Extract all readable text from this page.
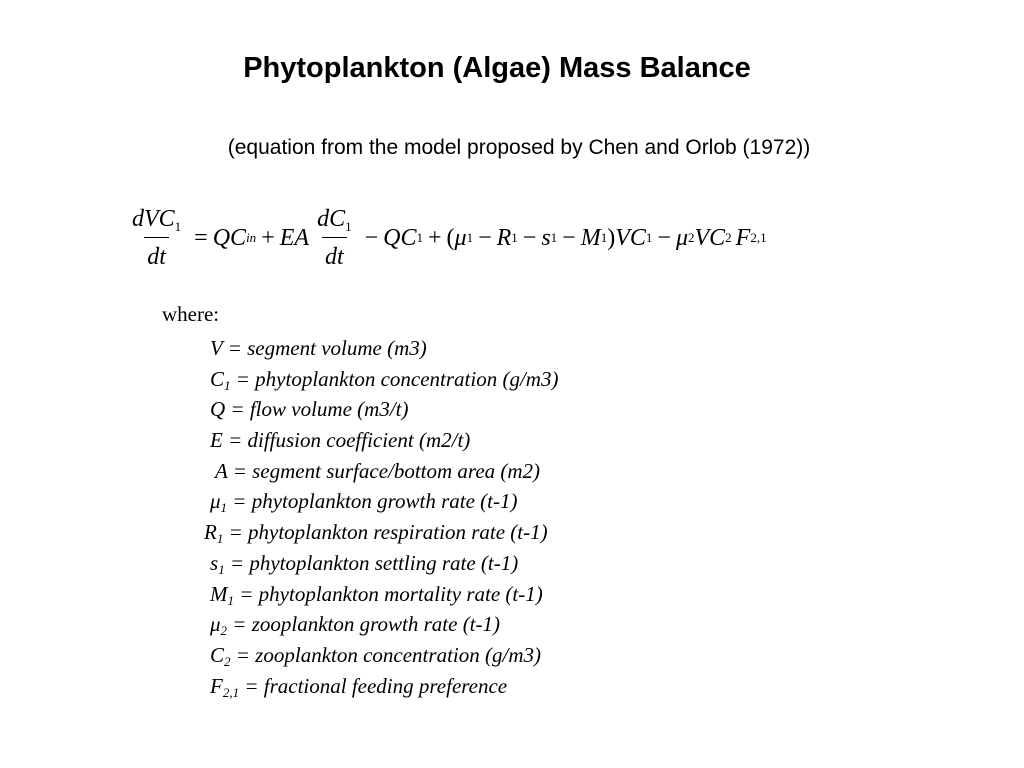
Phytoplankton (Algae) Mass Balance
(equation from the model proposed by Chen and Orlob (1972))
$\frac{dVC_1}{dt}$ = QC in + EA $\frac{dC_1}{dt}$ − QC 1 + ( μ 1 − R 1 − s 1 − M 1 ) VC 1 − μ 2 VC 2 F 2,1
where:
V = segment volume (m3)
$C_1$ = phytoplankton concentration (g/m3)
Q = flow volume (m3/t)
E = diffusion coefficient (m2/t)
A = segment surface/bottom area (m2)
$\mu_1$ = phytoplankton growth rate (t-1)
$R_1$ = phytoplankton respiration rate (t-1)
$s_1$ = phytoplankton settling rate (t-1)
$M_1$ = phytoplankton mortality rate (t-1)
$\mu_2$ = zooplankton growth rate (t-1)
$C_2$ = zooplankton concentration (g/m3)
$F_{2,1}$ = fractional feeding preference
